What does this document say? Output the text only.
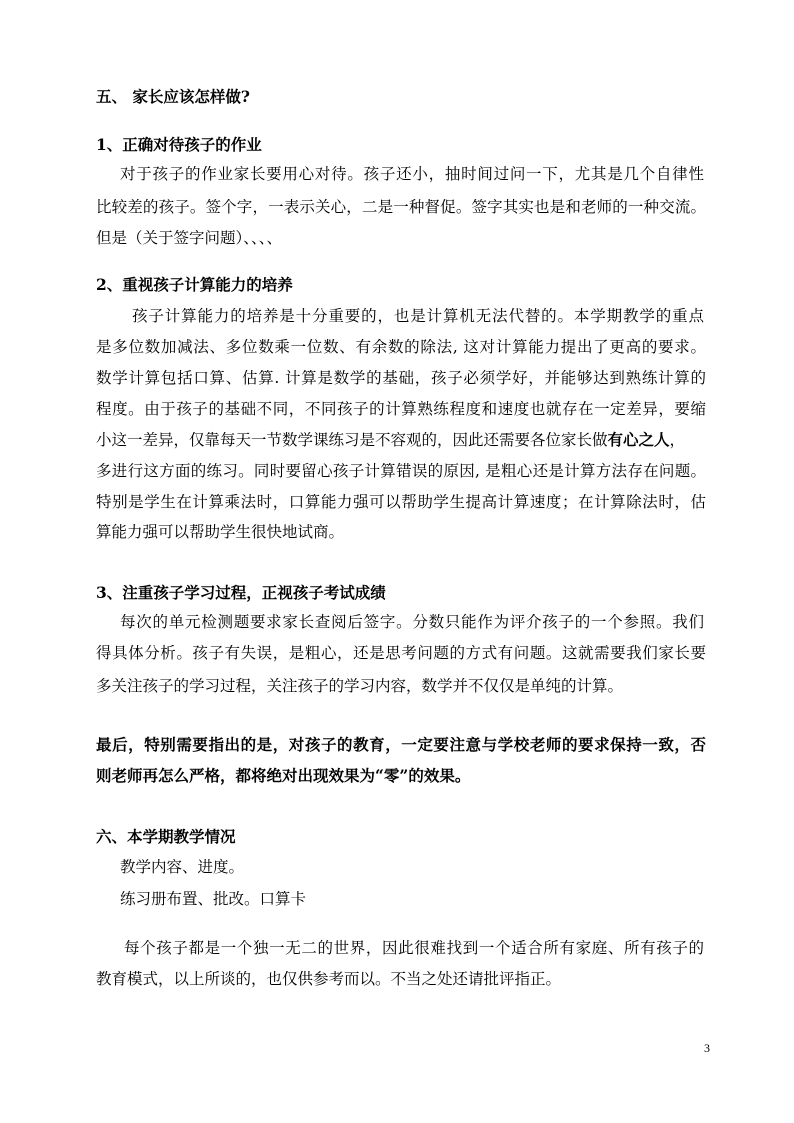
五、 家长应该怎样做?
1、正确对待孩子的作业
对于孩子的作业家长要用心对待。孩子还小，抽时间过问一下，尤其是几个自律性
比较差的孩子。签个字，一表示关心，二是一种督促。签字其实也是和老师的一种交流。
但是（关于签字问题）、、、、
2、重视孩子计算能力的培养
孩子计算能力的培养是十分重要的，也是计算机无法代替的。本学期教学的重点
是多位数加减法、多位数乘一位数、有余数的除法, 这对计算能力提出了更高的要求。
数学计算包括口算、估算. 计算是数学的基础，孩子必须学好，并能够达到熟练计算的
程度。由于孩子的基础不同，不同孩子的计算熟练程度和速度也就存在一定差异，要缩
小这一差异，仅靠每天一节数学课练习是不容观的，因此还需要各位家长做有心之人，
多进行这方面的练习。同时要留心孩子计算错误的原因, 是粗心还是计算方法存在问题。
特别是学生在计算乘法时，口算能力强可以帮助学生提高计算速度；在计算除法时，估
算能力强可以帮助学生很快地试商。
3、注重孩子学习过程，正视孩子考试成绩
每次的单元检测题要求家长查阅后签字。分数只能作为评介孩子的一个参照。我们
得具体分析。孩子有失误，是粗心，还是思考问题的方式有问题。这就需要我们家长要
多关注孩子的学习过程，关注孩子的学习内容，数学并不仅仅是单纯的计算。
最后，特别需要指出的是，对孩子的教育，一定要注意与学校老师的要求保持一致，否
则老师再怎么严格，都将绝对出现效果为“零”的效果。
六、本学期教学情况
教学内容、进度。
练习册布置、批改。口算卡
每个孩子都是一个独一无二的世界，因此很难找到一个适合所有家庭、所有孩子的
教育模式，以上所谈的，也仅供参考而以。不当之处还请批评指正。
3
